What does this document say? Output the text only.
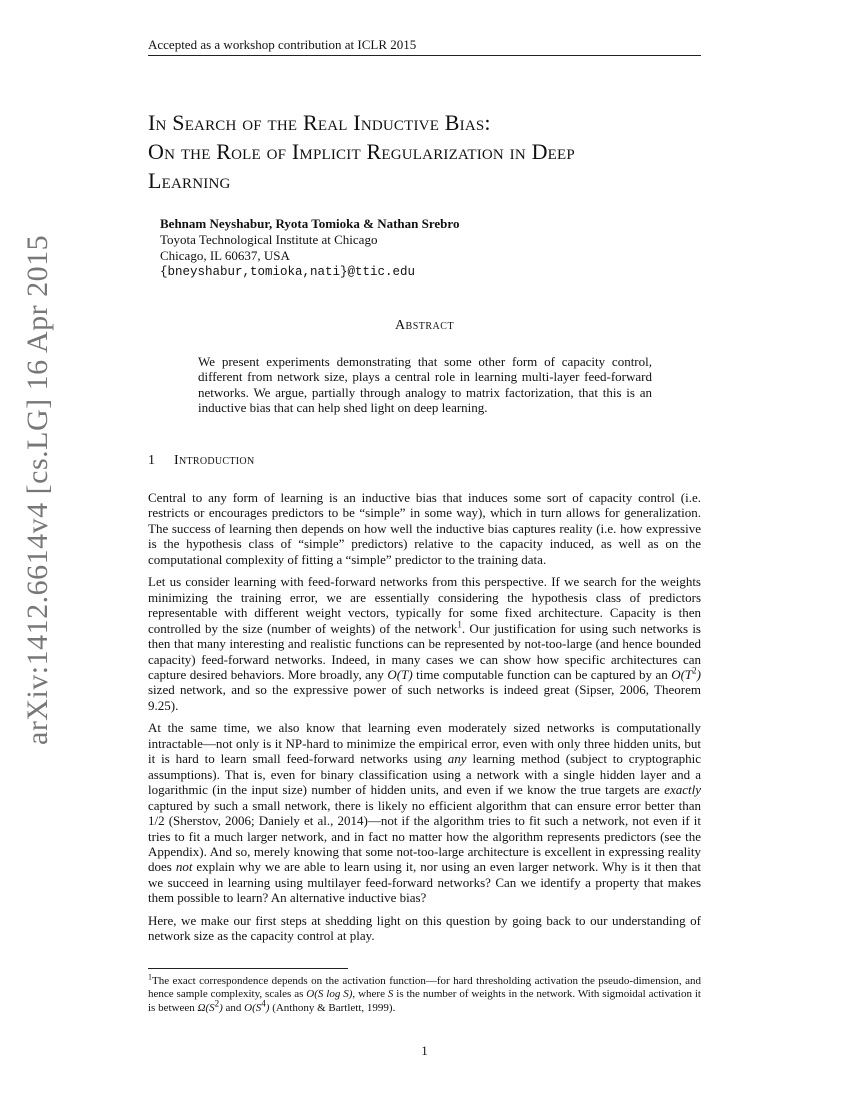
Accepted as a workshop contribution at ICLR 2015
arXiv:1412.6614v4 [cs.LG] 16 Apr 2015
In Search of the Real Inductive Bias:
On the Role of Implicit Regularization in Deep
Learning
Behnam Neyshabur, Ryota Tomioka & Nathan Srebro
Toyota Technological Institute at Chicago
Chicago, IL 60637, USA
{bneyshabur,tomioka,nati}@ttic.edu
Abstract
We present experiments demonstrating that some other form of capacity control, different from network size, plays a central role in learning multi-layer feed-forward networks. We argue, partially through analogy to matrix factorization, that this is an inductive bias that can help shed light on deep learning.
1 Introduction

Central to any form of learning is an inductive bias that induces some sort of capacity control (i.e. restricts or encourages predictors to be “simple” in some way), which in turn allows for generalization. The success of learning then depends on how well the inductive bias captures reality (i.e. how expressive is the hypothesis class of “simple” predictors) relative to the capacity induced, as well as on the computational complexity of fitting a “simple” predictor to the training data.

Let us consider learning with feed-forward networks from this perspective. If we search for the weights minimizing the training error, we are essentially considering the hypothesis class of predictors representable with different weight vectors, typically for some fixed architecture. Capacity is then controlled by the size (number of weights) of the network$^1$. Our justification for using such networks is then that many interesting and realistic functions can be represented by not-too-large (and hence bounded capacity) feed-forward networks. Indeed, in many cases we can show how specific architectures can capture desired behaviors. More broadly, any O(T) time computable function can be captured by an $O(T^2)$ sized network, and so the expressive power of such networks is indeed great (Sipser, 2006, Theorem 9.25).

At the same time, we also know that learning even moderately sized networks is computationally intractable—not only is it NP-hard to minimize the empirical error, even with only three hidden units, but it is hard to learn small feed-forward networks using any learning method (subject to cryptographic assumptions). That is, even for binary classification using a network with a single hidden layer and a logarithmic (in the input size) number of hidden units, and even if we know the true targets are exactly captured by such a small network, there is likely no efficient algorithm that can ensure error better than 1/2 (Sherstov, 2006; Daniely et al., 2014)—not if the algorithm tries to fit such a network, not even if it tries to fit a much larger network, and in fact no matter how the algorithm represents predictors (see the Appendix). And so, merely knowing that some not-too-large architecture is excellent in expressing reality does not explain why we are able to learn using it, nor using an even larger network. Why is it then that we succeed in learning using multilayer feed-forward networks? Can we identify a property that makes them possible to learn? An alternative inductive bias?

Here, we make our first steps at shedding light on this question by going back to our understanding of network size as the capacity control at play.

$^1$The exact correspondence depends on the activation function—for hard thresholding activation the pseudo-dimension, and hence sample complexity, scales as O(S log S), where S is the number of weights in the network. With sigmoidal activation it is between $\Omega(S^2)$ and $O(S^4)$ (Anthony & Bartlett, 1999).
1
